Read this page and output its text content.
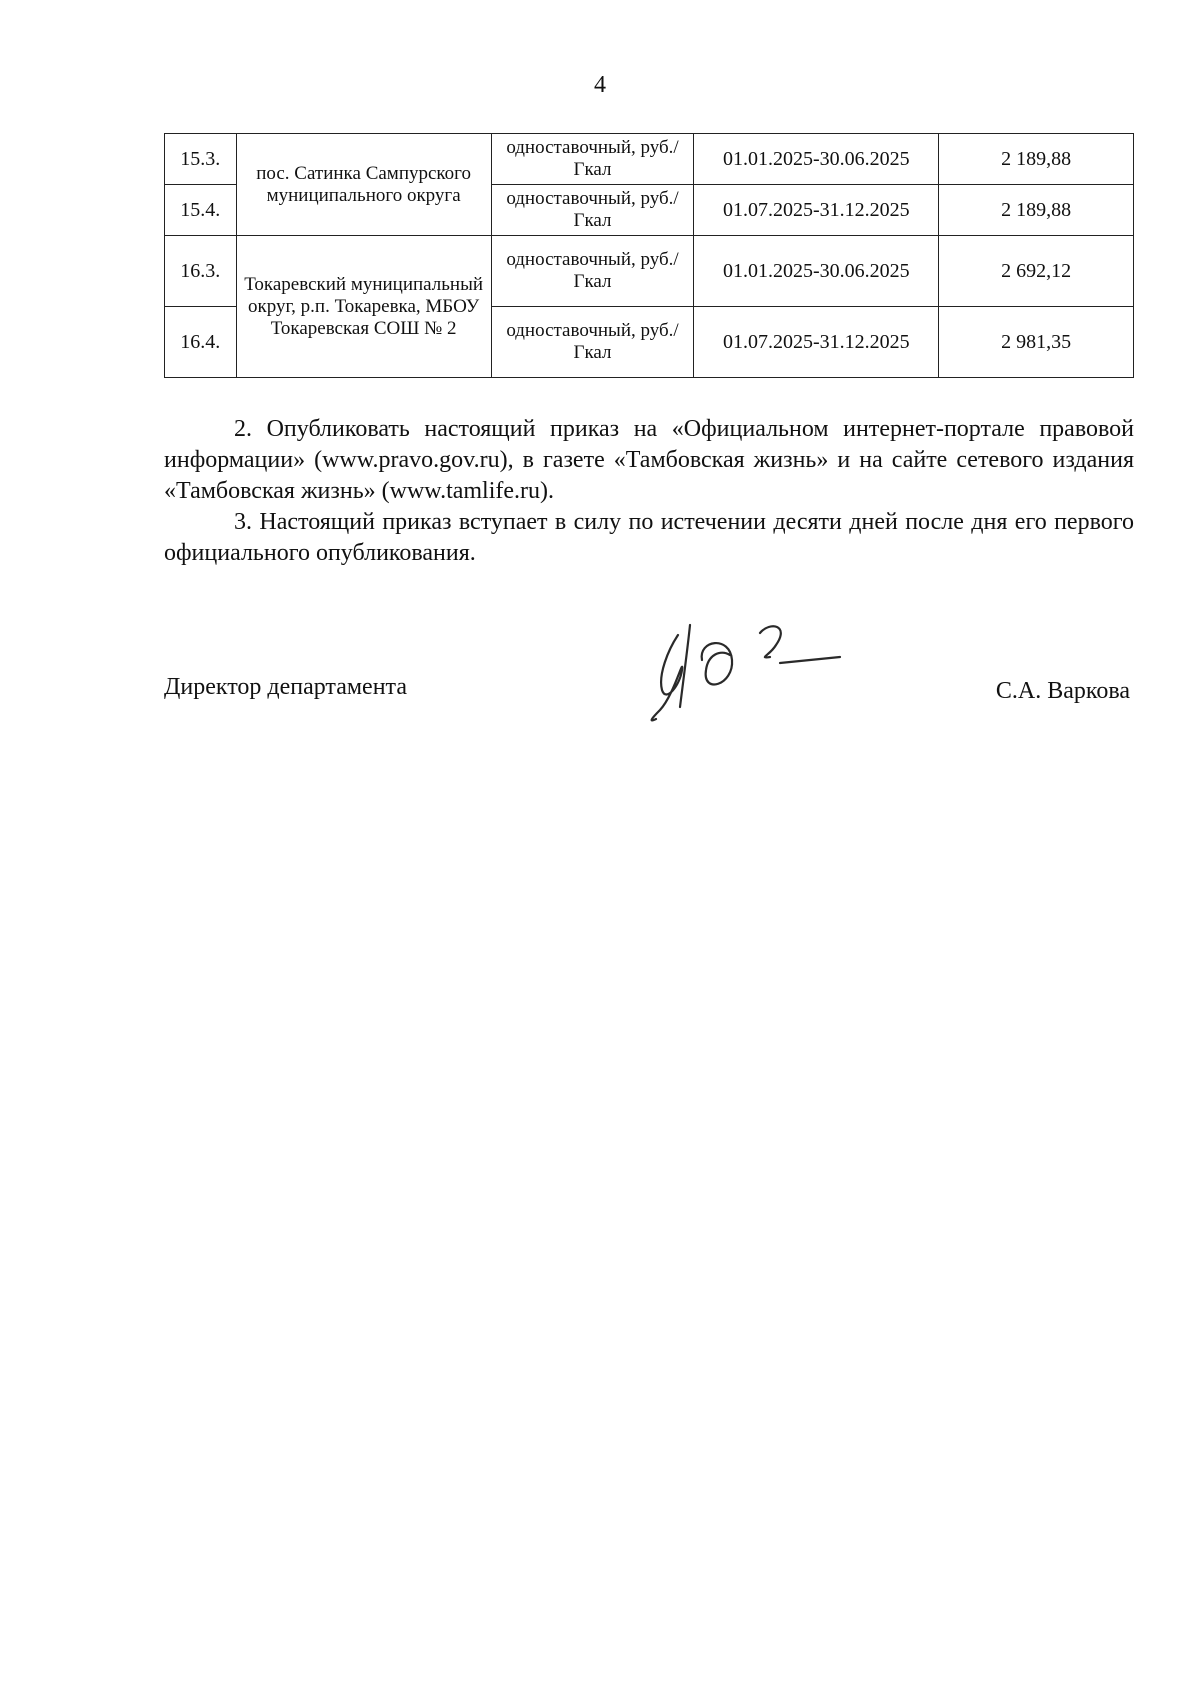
4
15.3.	пос. Сатинка Сампурского муниципального округа	одноставочный, руб./Гкал	01.01.2025-30.06.2025	2 189,88
15.4.		одноставочный, руб./Гкал	01.07.2025-31.12.2025	2 189,88
16.3.	Токаревский муниципальный округ, р.п. Токаревка, МБОУ Токаревская СОШ № 2	одноставочный, руб./Гкал	01.01.2025-30.06.2025	2 692,12
16.4.		одноставочный, руб./Гкал	01.07.2025-31.12.2025	2 981,35

2. Опубликовать настоящий приказ на «Официальном интернет-портале правовой информации» (www.pravo.gov.ru), в газете «Тамбовская жизнь» и на сайте сетевого издания «Тамбовская жизнь» (www.tamlife.ru).

3. Настоящий приказ вступает в силу по истечении десяти дней после дня его первого официального опубликования.

Директор департамента	С.А. Варкова
